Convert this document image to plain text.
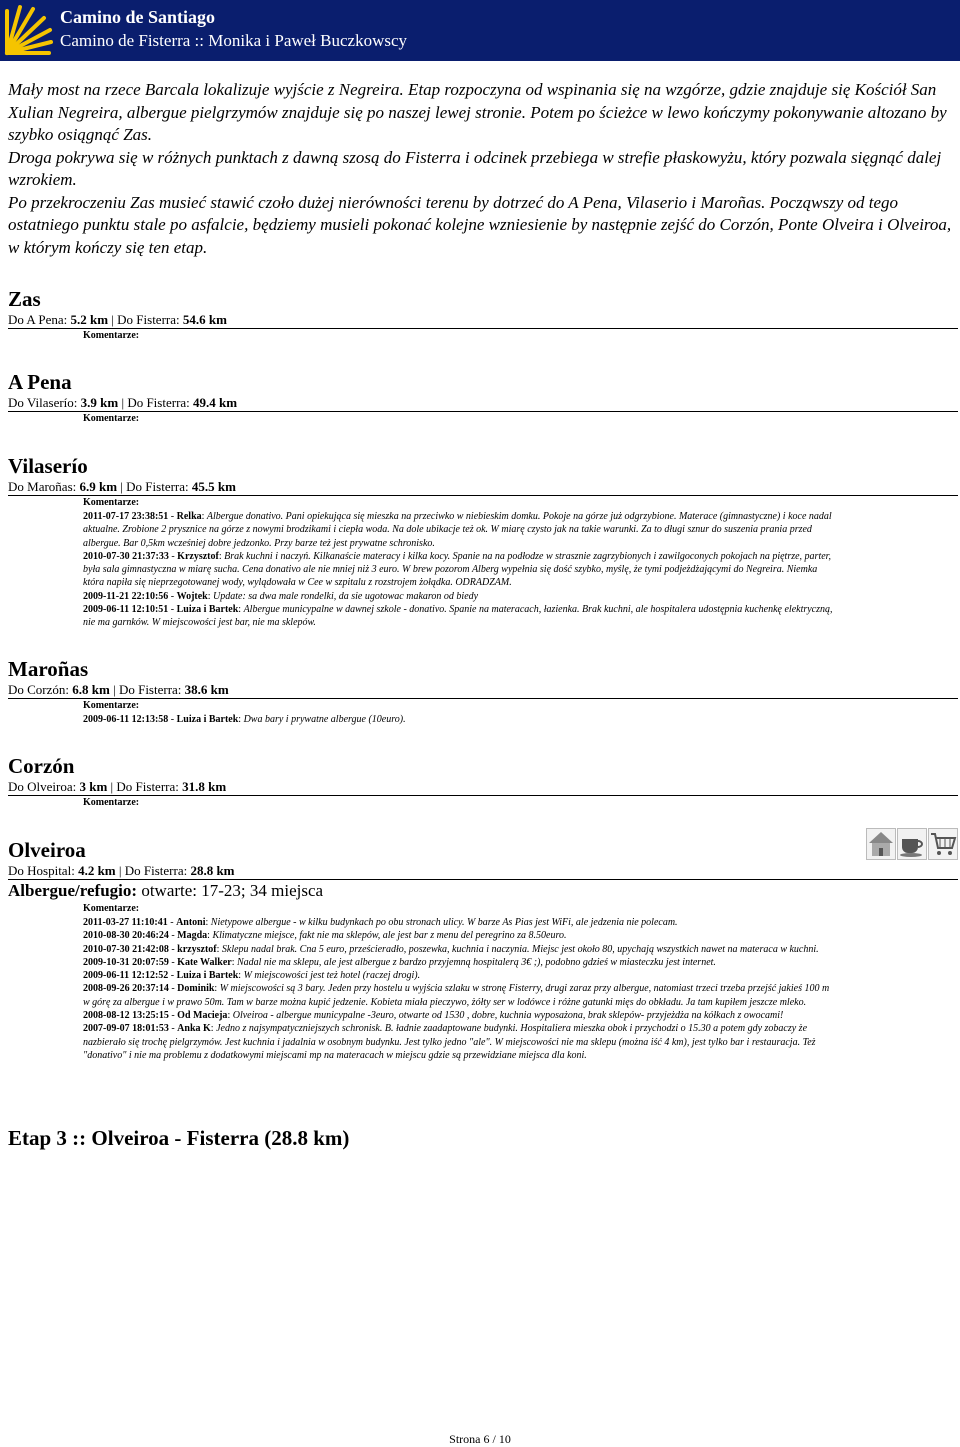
Camino de Santiago
Camino de Fisterra :: Monika i Paweł Buczkowscy

Mały most na rzece Barcala lokalizuje wyjście z Negreira. Etap rozpoczyna od wspinania się na wzgórze, gdzie znajduje się Kościół San Xulian Negreira, albergue pielgrzymów znajduje się po naszej lewej stronie. Potem po ścieżce w lewo kończymy pokonywanie altozano by szybko osiągnąć Zas.

Droga pokrywa się w różnych punktach z dawną szosą do Fisterra i odcinek przebiega w strefie płaskowyżu, który pozwala sięgnąć dalej wzrokiem.

Po przekroczeniu Zas musieć stawić czoło dużej nierówności terenu by dotrzeć do A Pena, Vilaserio i Maroñas. Począwszy od tego ostatniego punktu stale po asfalcie, będziemy musieli pokonać kolejne wzniesienie by następnie zejść do Corzón, Ponte Olveira i Olveiroa, w którym kończy się ten etap.

Zas
Do A Pena: 5.2 km | Do Fisterra: 54.6 km
Komentarze:
A Pena
Do Vilaserío: 3.9 km | Do Fisterra: 49.4 km
Komentarze:
Vilaserío
Do Maroñas: 6.9 km | Do Fisterra: 45.5 km
Komentarze:
2011-07-17 23:38:51 - Relka: Albergue donativo. Pani opiekująca się mieszka na przeciwko w niebieskim domku. Pokoje na górze już odgrzybione. Materace (gimnastyczne) i koce nadal aktualne. Zrobione 2 prysznice na górze z nowymi brodzikami i ciepła woda. Na dole ubikacje też ok. W miarę czysto jak na takie warunki. Za to długi sznur do suszenia prania przed albergue. Bar 0,5km wcześniej dobre jedzonko. Przy barze też jest prywatne schronisko.
2010-07-30 21:37:33 - Krzysztof: Brak kuchni i naczyń. Kilkanaście materacy i kilka kocy. Spanie na na podłodze w strasznie zagrzybionych i zawilgoconych pokojach na piętrze, parter, była sala gimnastyczna w miarę sucha. Cena donativo ale nie mniej niż 3 euro. W brew pozorom Alberg wypełnia się dość szybko, myślę, że tymi podjeżdżającymi do Negreira. Niemka która napiła się nieprzegotowanej wody, wylądowała w Cee w szpitalu z rozstrojem żołądka. ODRADZAM.
2009-11-21 22:10:56 - Wojtek: Update: sa dwa male rondelki, da sie ugotowac makaron od biedy
2009-06-11 12:10:51 - Luiza i Bartek: Albergue municypalne w dawnej szkole - donativo. Spanie na materacach, łazienka. Brak kuchni, ale hospitalera udostępnia kuchenkę elektryczną, nie ma garnków. W miejscowości jest bar, nie ma sklepów.
Maroñas
Do Corzón: 6.8 km | Do Fisterra: 38.6 km
Komentarze:
2009-06-11 12:13:58 - Luiza i Bartek: Dwa bary i prywatne albergue (10euro).
Corzón
Do Olveiroa: 3 km | Do Fisterra: 31.8 km
Komentarze:
Olveiroa
Do Hospital: 4.2 km | Do Fisterra: 28.8 km
Albergue/refugio: otwarte: 17-23; 34 miejsca
Komentarze:
2011-03-27 11:10:41 - Antoni: Nietypowe albergue - w kilku budynkach po obu stronach ulicy. W barze As Pias jest WiFi, ale jedzenia nie polecam.
2010-08-30 20:46:24 - Magda: Klimatyczne miejsce, fakt nie ma sklepów, ale jest bar z menu del peregrino za 8.50euro.
2010-07-30 21:42:08 - krzysztof: Sklepu nadal brak. Cna 5 euro, prześcieradło, poszewka, kuchnia i naczynia. Miejsc jest około 80, upychają wszystkich nawet na materaca w kuchni.
2009-10-31 20:07:59 - Kate Walker: Nadal nie ma sklepu, ale jest albergue z bardzo przyjemną hospitalerą 3€ ;), podobno gdzieś w miasteczku jest internet.
2009-06-11 12:12:52 - Luiza i Bartek: W miejscowości jest też hotel (raczej drogi).
2008-09-26 20:37:14 - Dominik: W miejscowości są 3 bary. Jeden przy hostelu u wyjścia szlaku w stronę Fisterry, drugi zaraz przy albergue, natomiast trzeci trzeba przejść jakieś 100 m w górę za albergue i w prawo 50m. Tam w barze można kupić jedzenie. Kobieta miała pieczywo, żółty ser w lodówce i różne gatunki mięs do obkładu. Ja tam kupiłem jeszcze mleko.
2008-08-12 13:25:15 - Od Macieja: Olveiroa - albergue municypalne -3euro, otwarte od 1530 , dobre, kuchnia wyposażona, brak sklepów- przyjeżdża na kółkach z owocami!
2007-09-07 18:01:53 - Anka K: Jedno z najsympatyczniejszych schronisk. B. ładnie zaadaptowane budynki. Hospitaliera mieszka obok i przychodzi o 15.30 a potem gdy zobaczy że nazbierało się trochę pielgrzymów. Jest kuchnia i jadalnia w osobnym budynku. Jest tylko jedno "ale". W miejscowości nie ma sklepu (można iść 4 km), jest tylko bar i restauracja. Też "donativo" i nie ma problemu z dodatkowymi miejscami mp na materacach w miejscu gdzie są przewidziane miejsca dla koni.
Etap 3 :: Olveiroa - Fisterra (28.8 km)
Strona 6 / 10
